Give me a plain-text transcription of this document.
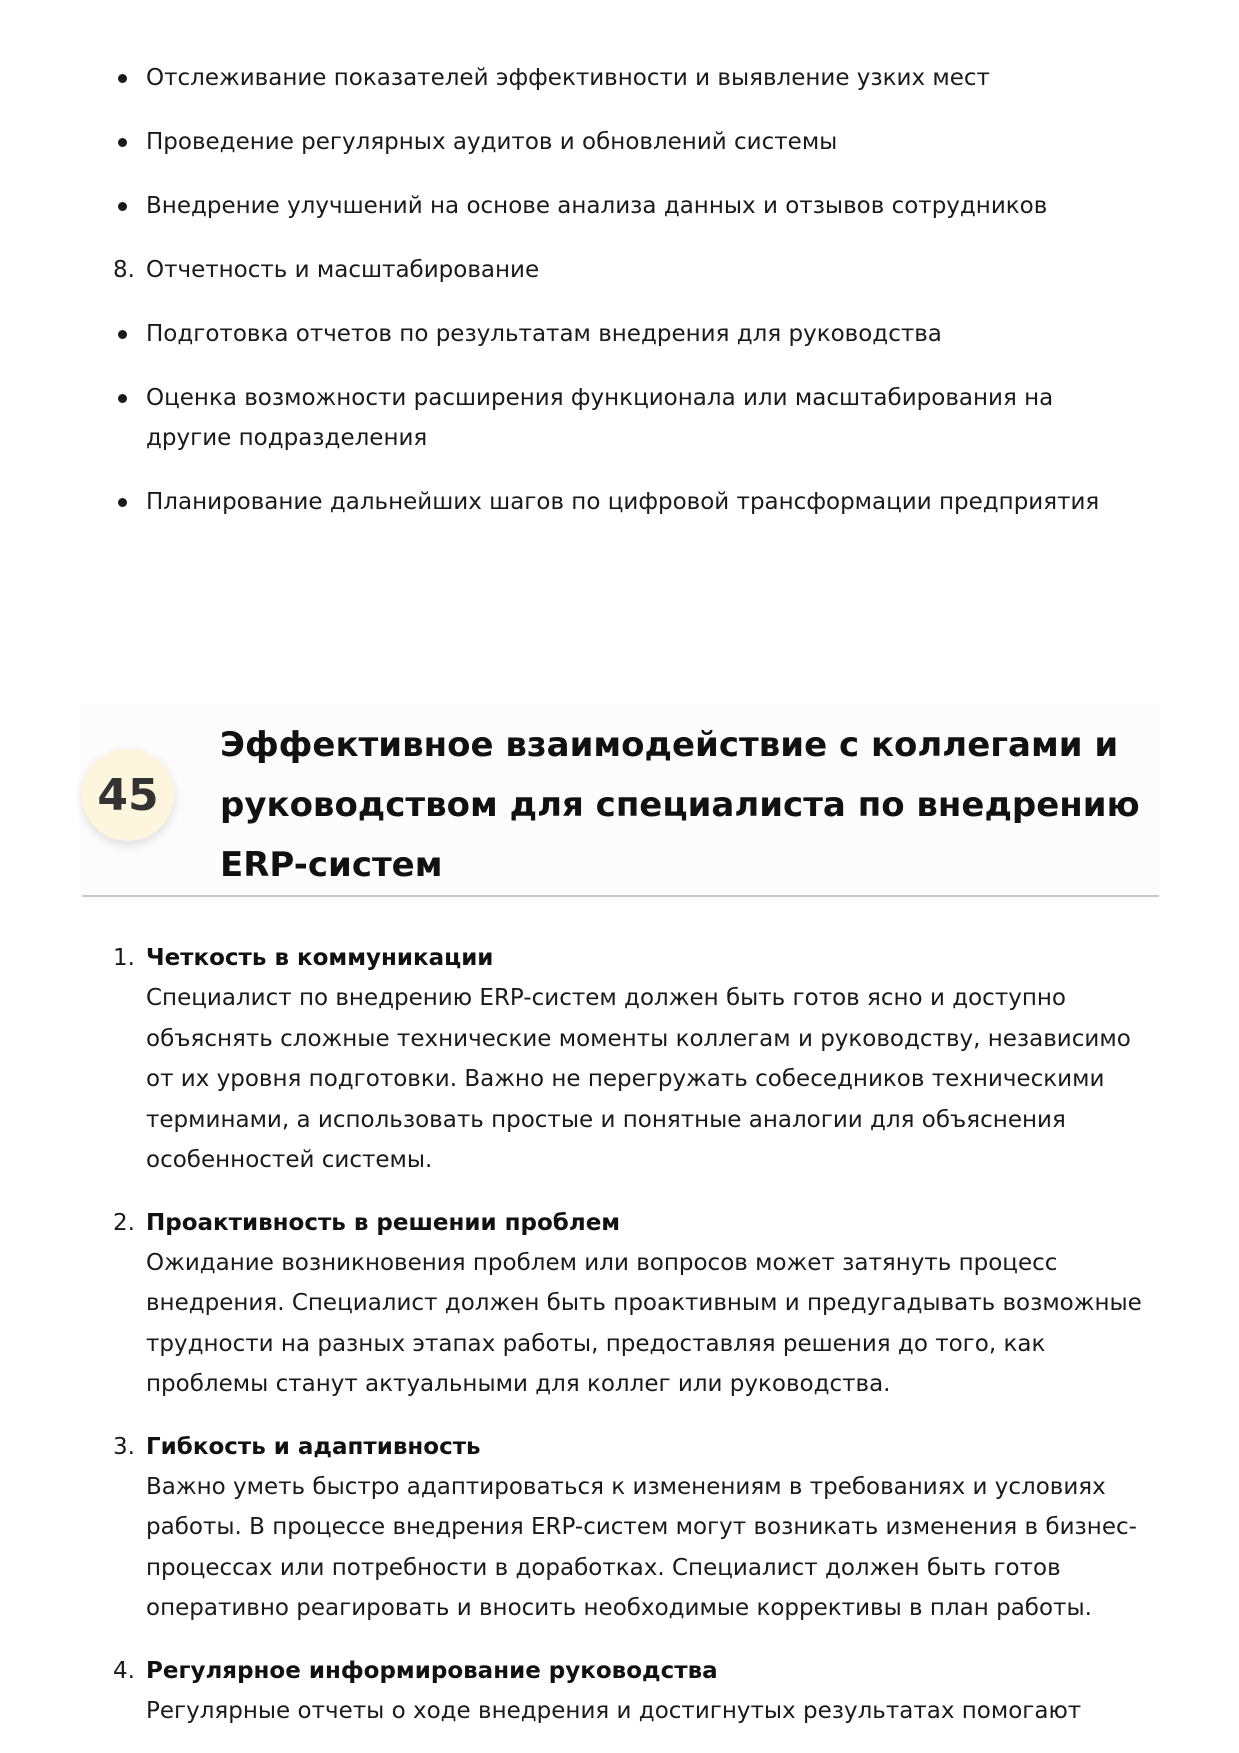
Отслеживание показателей эффективности и выявление узких мест
Проведение регулярных аудитов и обновлений системы
Внедрение улучшений на основе анализа данных и отзывов сотрудников
8. Отчетность и масштабирование
Подготовка отчетов по результатам внедрения для руководства
Оценка возможности расширения функционала или масштабирования на другие подразделения
Планирование дальнейших шагов по цифровой трансформации предприятия
45
Эффективное взаимодействие с коллегами и руководством для специалиста по внедрению ERP-систем
1. Четкость в коммуникации
Специалист по внедрению ERP-систем должен быть готов ясно и доступно объяснять сложные технические моменты коллегам и руководству, независимо от их уровня подготовки. Важно не перегружать собеседников техническими терминами, а использовать простые и понятные аналогии для объяснения особенностей системы.
2. Проактивность в решении проблем
Ожидание возникновения проблем или вопросов может затянуть процесс внедрения. Специалист должен быть проактивным и предугадывать возможные трудности на разных этапах работы, предоставляя решения до того, как проблемы станут актуальными для коллег или руководства.
3. Гибкость и адаптивность
Важно уметь быстро адаптироваться к изменениям в требованиях и условиях работы. В процессе внедрения ERP-систем могут возникать изменения в бизнес-процессах или потребности в доработках. Специалист должен быть готов оперативно реагировать и вносить необходимые коррективы в план работы.
4. Регулярное информирование руководства
Регулярные отчеты о ходе внедрения и достигнутых результатах помогают
